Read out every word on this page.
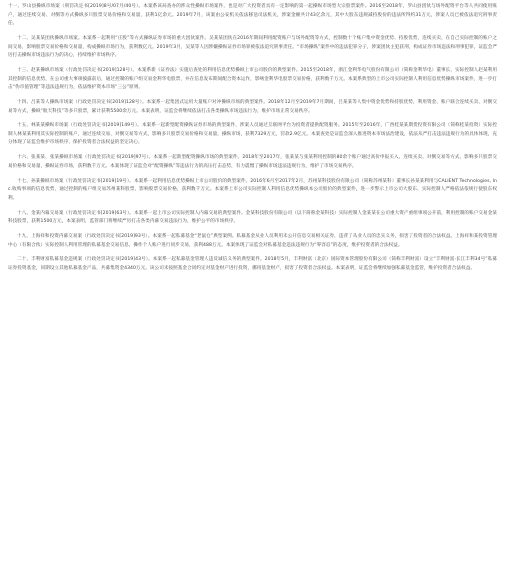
十一、罗山县操纵市场案（刑罚决定书[2019]8号/07月/40号）。本案系该局查办的涉众性操纵市场案件，也是对广大投资者具有一定影响的第一起操纵市场型大宗股票案件。2016至2018年，罗山县团伙与场外配资平台等人共同使用账户，通过连续交易、对倒等方式操纵多只股票交易价格和交易量，获利1亿余元。2019年7月，该案由公安机关依法移送司法机关，涉案金额共计43亿余元，其中大股东违规减持股份的违法所得约31万元，涉案人员已被依法追究刑事责任。

十二、吴某某团伙操纵市场案。本案系一起利用“庄股”等方式操纵证券市场的重大团伙案件。吴某某团伙在2016年期间利用配资账户与场外配资等方式，控制数十个账户集中资金优势、持股优势，连续买卖、在自己实际控制的账户之间交易，影响股票交易价格和交易量，构成操纵市场行为，获利数亿元。2019年3月，吴某等人因涉嫌操纵证券市场罪被依法追究刑事责任。“市场操纵”案件中的违法犯罪分子，涉案团伙主犯获刑，构成证券市场违法和刑事犯罪，证监会严厉打击操纵市场违法行为的决心，持续维护市场秩序。

十三、赵某操纵市场案（行政处罚决定书[2019]128号）。本案系新《证券法》实施后查处的利用信息优势操纵上市公司股价的典型案件。2015至2018年，浙江金利华电气股份有限公司（简称金利华电）董事长、实际控制人赵某利用其控制的信息优势，在公司重大事项披露前后，通过控制的账户组交易金利华电股票，并在信息发布期间配合资本运作，影响金利华电股票交易价格，获利数千万元。本案系典型的上市公司实际控制人利用信息优势操纵市场案件，进一步打击“伪市值管理”等违法违规行为，依法维护资本市场“三公”原则。

十四、吕某等人操纵市场案（行政处罚决定书[2019]128号）。本案系一起集团式运用大量账户对冲操纵市场的典型案件。2018年12月至2019年7月期间，吕某某等人集中资金优势和持股优势，利用资金、账户联合连续买卖、对倒交易等方式，操纵“航天科技”等多只股票，累计获利5500余万元。本案表明，证监会将继续依法打击各类操纵市场违法行为，维护市场正常交易秩序。

十五、林某某操纵市场案（行政处罚决定书[2019]149号）。本案系一起新型配资操纵证券市场的典型案件，涉案人员通过互联网平台为投资者提供配资服务。2015年至2016年，广西桂某某期货投资有限公司（简称桂某投资）实际控制人林某某利用其实际控制的账户，通过连续交易、对倒交易等方式，影响多只股票交易价格和交易量，操纵市场，获利7329万元，罚款2.9亿元。本案查处是证监会深入推进资本市场法治建设，依法从严打击违法违规行为的具体体现，充分体现了证监会维护市场秩序、保护投资者合法权益的坚定决心。

十六、张某某、张某操纵市场案（行政处罚决定书[2019]97号）。本案系一起新型配资操纵市场的典型案件。2018年至2017年，张某某与张某利用控制的80余个账户通过高价申报买入、连续买卖、对倒交易等方式，影响多只股票交易价格和交易量，操纵证券市场，获利数千万元。本案体现了证监会对“配资操纵”等违法行为的高压打击态势，有力震慑了操纵市场违法违规行为，维护了市场交易秩序。

十七、孙某操纵市场案（行政处罚决定书[2019]19号）。本案系一起利用信息优势操纵上市公司股价的典型案件。2016年6月至2017年2月，苏州某科技股份有限公司（简称苏州某科）董事长孙某某利用与CALIENT Technologies, Inc.收购事项的信息优势，通过控制的账户组交易苏州某科股票，影响股票交易价格，获利数千万元。本案系上市公司实际控制人利用信息优势操纵本公司股价的典型案件，进一步警示上市公司大股东、实际控制人严格依法依规行使股东权利。

十八、金某内幕交易案（行政处罚决定书[2019]63号）。本案系一起上市公司实际控制人内幕交易的典型案件。金某科技股份有限公司（以下简称金某科技）实际控制人金某某在公司重大资产重组事项公开前，利用控制的账户交易金某科技股票，获利1500万元，本案表明，监管部门将继续严厉打击各类内幕交易违法行为，维护公平的市场秩序。

十九、上海祥和投资内幕交易案（行政处罚决定书[2019]93号）。本案系一起私募基金“老鼠仓”典型案例。私募基金从业人员利用未公开信息交易相关证券，违背了从业人员的忠实义务，损害了投资者的合法权益。上海祥和某投资管理中心（有限合伙）实际控制人利用管理的私募基金交易信息，操作个人账户进行同步交易，获利488万元。本案体现了证监会对私募基金违法违规行为“零容忍”的态度，维护投资者的合法权益。

二十、丰利财富私募基金违规案（行政处罚决定书[2019]43号）。本案系一起私募基金管理人违反诚信义务的典型案件。2018年5月，丰利财富（北京）国际资本管理股份有限公司（简称丰利财富）设立“丰利财富·长江丰利34号”私募证券投资基金，同期设立其他私募基金产品，共募集资金4340万元。该公司未按照基金合同约定对基金财产进行投资，挪用基金财产，损害了投资者合法权益。本案表明，证监会将继续加强私募基金监管，维护投资者合法权益。
